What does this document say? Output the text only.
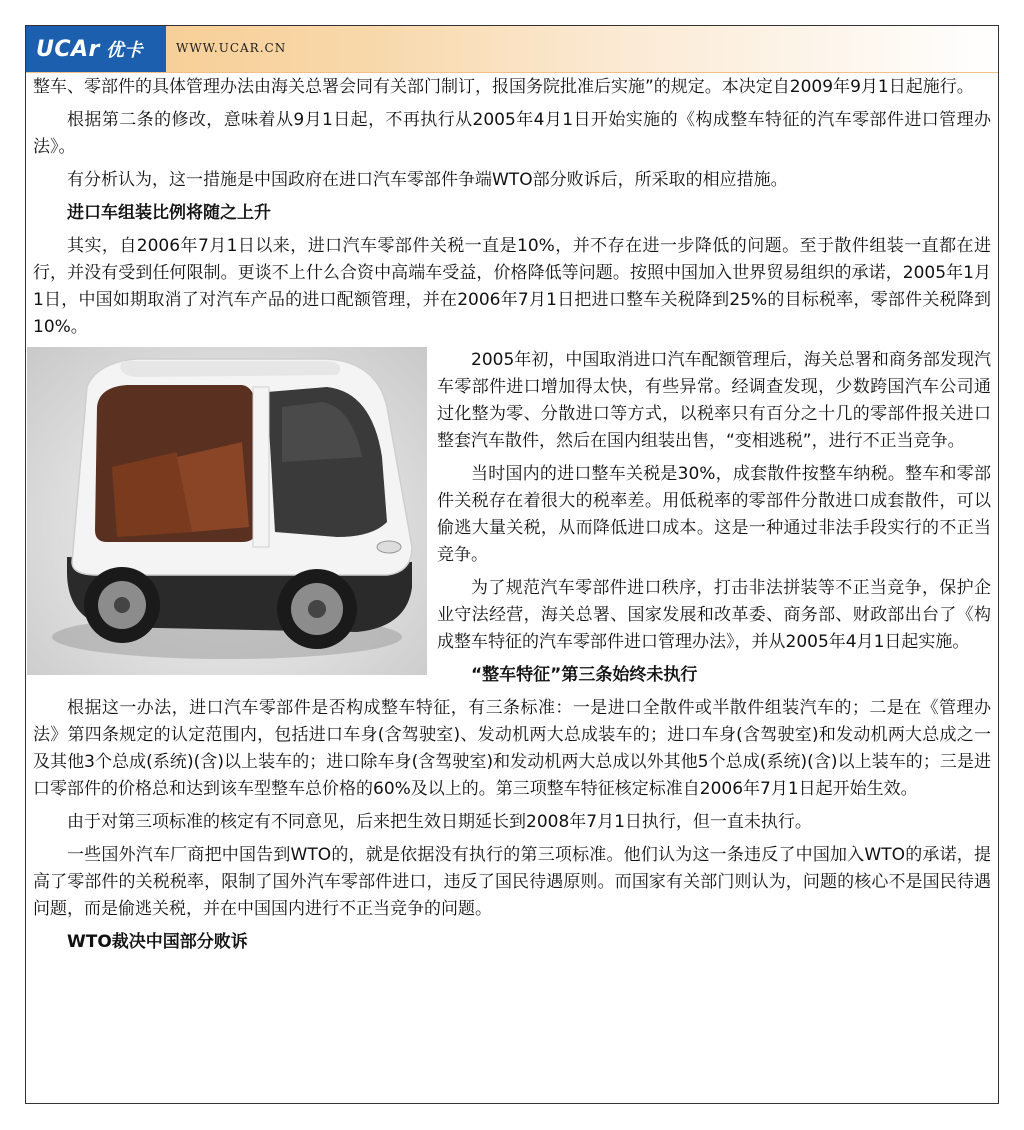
UCAr 优卡	WWW.UCAR.CN

整车、零部件的具体管理办法由海关总署会同有关部门制订，报国务院批准后实施”的规定。本决定自2009年9月1日起施行。

根据第二条的修改，意味着从9月1日起，不再执行从2005年4月1日开始实施的《构成整车特征的汽车零部件进口管理办法》。

有分析认为，这一措施是中国政府在进口汽车零部件争端WTO部分败诉后，所采取的相应措施。

进口车组装比例将随之上升

其实，自2006年7月1日以来，进口汽车零部件关税一直是10%，并不存在进一步降低的问题。至于散件组装一直都在进行，并没有受到任何限制。更谈不上什么合资中高端车受益，价格降低等问题。按照中国加入世界贸易组织的承诺，2005年1月1日，中国如期取消了对汽车产品的进口配额管理，并在2006年7月1日把进口整车关税降到25%的目标税率，零部件关税降到10%。

2005年初，中国取消进口汽车配额管理后，海关总署和商务部发现汽车零部件进口增加得太快，有些异常。经调查发现，少数跨国汽车公司通过化整为零、分散进口等方式，以税率只有百分之十几的零部件报关进口整套汽车散件，然后在国内组装出售，“变相逃税”，进行不正当竞争。

当时国内的进口整车关税是30%，成套散件按整车纳税。整车和零部件关税存在着很大的税率差。用低税率的零部件分散进口成套散件，可以偷逃大量关税，从而降低进口成本。这是一种通过非法手段实行的不正当竞争。

为了规范汽车零部件进口秩序，打击非法拼装等不正当竞争，保护企业守法经营，海关总署、国家发展和改革委、商务部、财政部出台了《构成整车特征的汽车零部件进口管理办法》，并从2005年4月1日起实施。

“整车特征”第三条始终未执行

根据这一办法，进口汽车零部件是否构成整车特征，有三条标准：一是进口全散件或半散件组装汽车的；二是在《管理办法》第四条规定的认定范围内，包括进口车身(含驾驶室)、发动机两大总成装车的；进口车身(含驾驶室)和发动机两大总成之一及其他3个总成(系统)(含)以上装车的；进口除车身(含驾驶室)和发动机两大总成以外其他5个总成(系统)(含)以上装车的；三是进口零部件的价格总和达到该车型整车总价格的60%及以上的。第三项整车特征核定标准自2006年7月1日起开始生效。

由于对第三项标准的核定有不同意见，后来把生效日期延长到2008年7月1日执行，但一直未执行。

一些国外汽车厂商把中国告到WTO的，就是依据没有执行的第三项标准。他们认为这一条违反了中国加入WTO的承诺，提高了零部件的关税税率，限制了国外汽车零部件进口，违反了国民待遇原则。而国家有关部门则认为，问题的核心不是国民待遇问题，而是偷逃关税，并在中国国内进行不正当竞争的问题。

WTO裁决中国部分败诉
